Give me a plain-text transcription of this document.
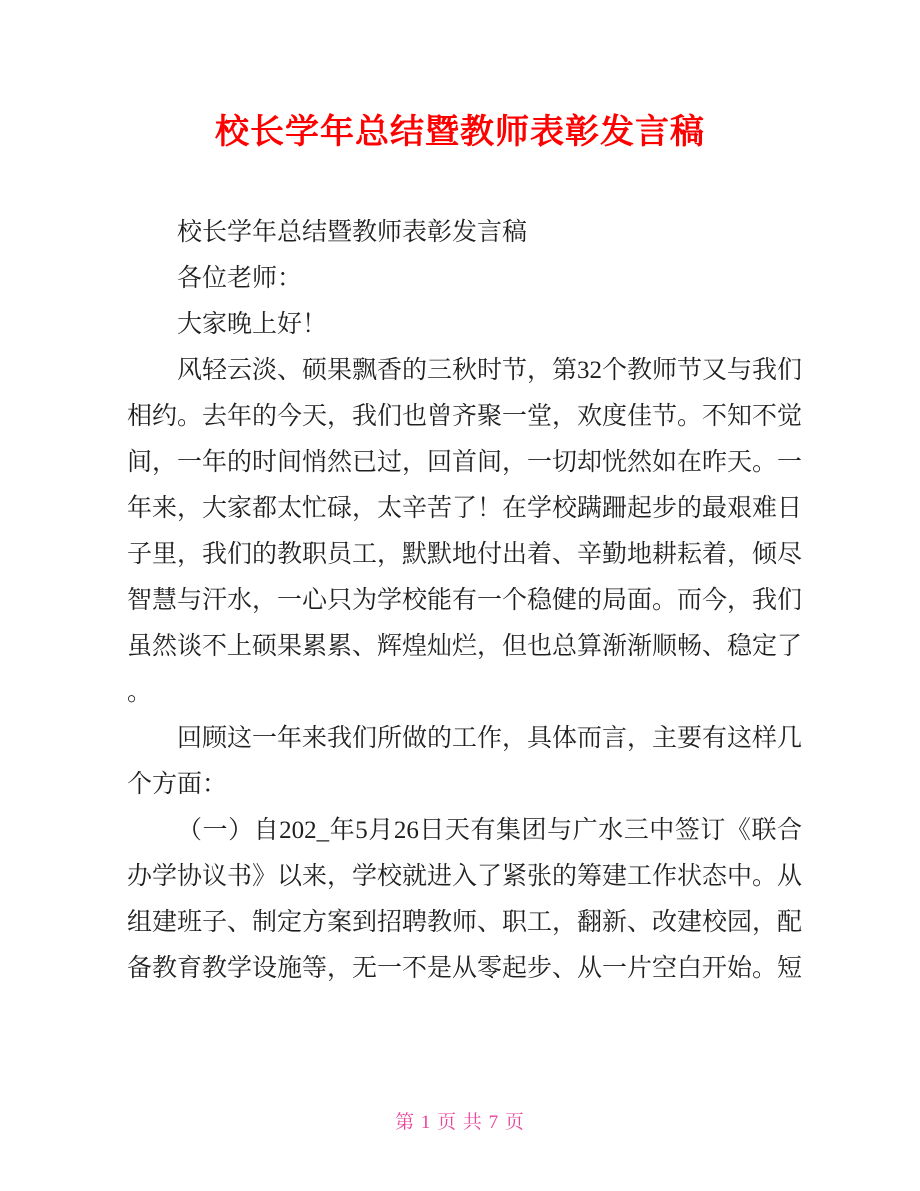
校长学年总结暨教师表彰发言稿

校长学年总结暨教师表彰发言稿

各位老师：

大家晚上好！

风轻云淡、硕果飘香的三秋时节，第32个教师节又与我们相约。去年的今天，我们也曾齐聚一堂，欢度佳节。不知不觉间，一年的时间悄然已过，回首间，一切却恍然如在昨天。一年来，大家都太忙碌，太辛苦了！在学校蹒跚起步的最艰难日子里，我们的教职员工，默默地付出着、辛勤地耕耘着，倾尽智慧与汗水，一心只为学校能有一个稳健的局面。而今，我们虽然谈不上硕果累累、辉煌灿烂，但也总算渐渐顺畅、稳定了。

回顾这一年来我们所做的工作，具体而言，主要有这样几个方面：

（一）自202_年5月26日天有集团与广水三中签订《联合办学协议书》以来，学校就进入了紧张的筹建工作状态中。从组建班子、制定方案到招聘教师、职工，翻新、改建校园，配备教育教学设施等，无一不是从零起步、从一片空白开始。短

第 1 页 共 7 页
